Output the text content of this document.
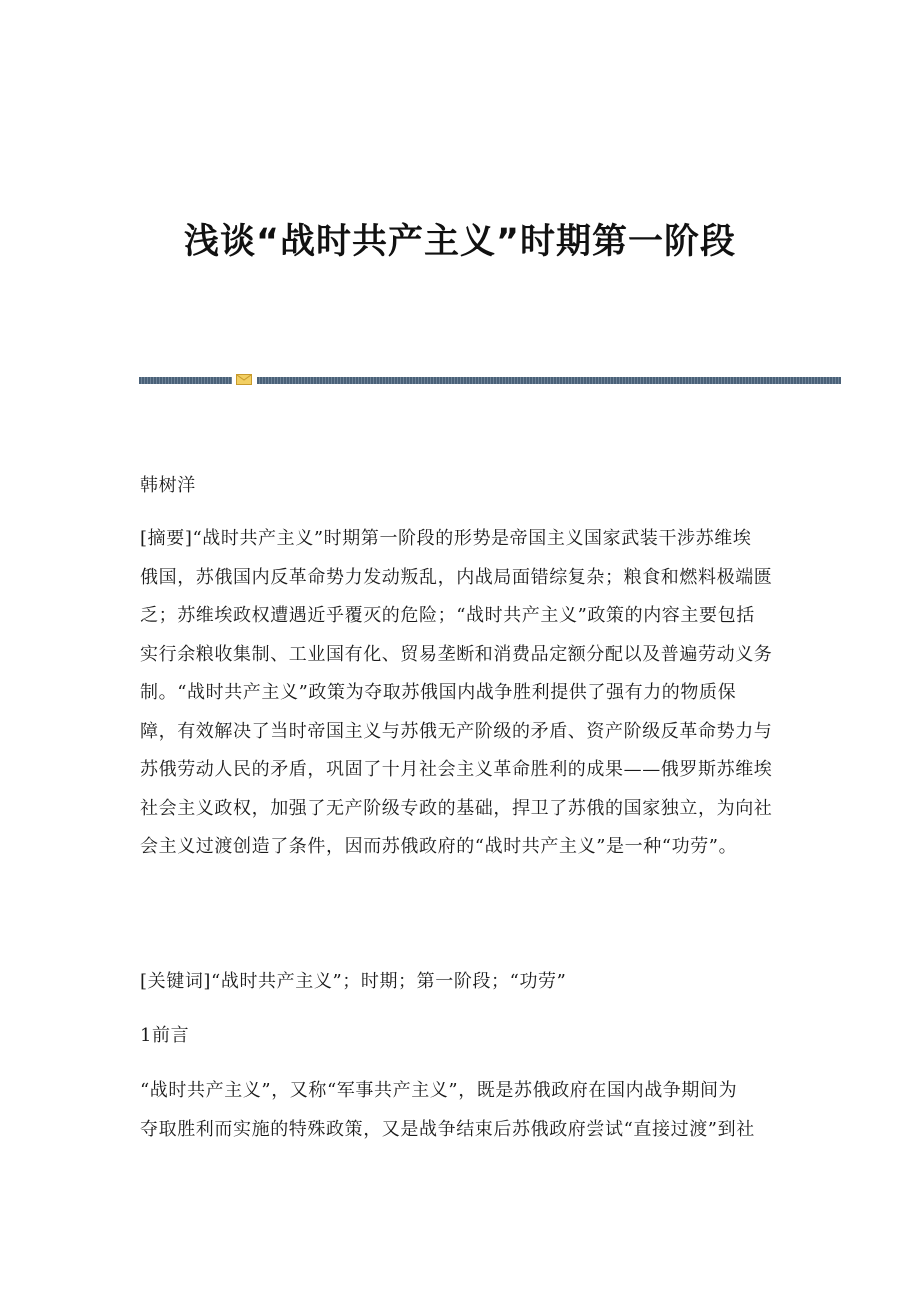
浅谈“战时共产主义”时期第一阶段
韩树洋
[摘要]“战时共产主义”时期第一阶段的形势是帝国主义国家武装干涉苏维埃
俄国，苏俄国内反革命势力发动叛乱，内战局面错综复杂；粮食和燃料极端匮
乏；苏维埃政权遭遇近乎覆灭的危险；“战时共产主义”政策的内容主要包括
实行余粮收集制、工业国有化、贸易垄断和消费品定额分配以及普遍劳动义务
制。“战时共产主义”政策为夺取苏俄国内战争胜利提供了强有力的物质保
障，有效解决了当时帝国主义与苏俄无产阶级的矛盾、资产阶级反革命势力与
苏俄劳动人民的矛盾，巩固了十月社会主义革命胜利的成果——俄罗斯苏维埃
社会主义政权，加强了无产阶级专政的基础，捍卫了苏俄的国家独立，为向社
会主义过渡创造了条件，因而苏俄政府的“战时共产主义”是一种“功劳”。
[关键词]“战时共产主义”；时期；第一阶段；“功劳”
1前言
“战时共产主义”，又称“军事共产主义”，既是苏俄政府在国内战争期间为
夺取胜利而实施的特殊政策，又是战争结束后苏俄政府尝试“直接过渡”到社
